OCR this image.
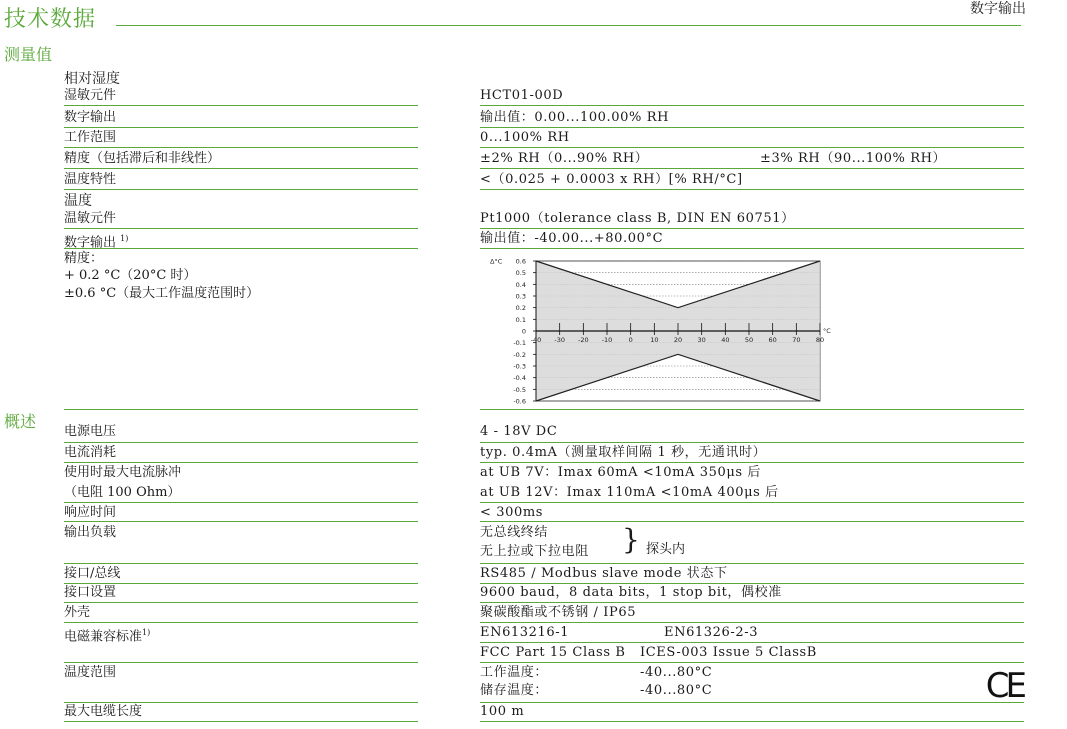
技术数据	数字输出
测量值
相对湿度
湿敏元件	HCT01-00D
数字输出	输出值：0.00...100.00% RH
工作范围	0...100% RH
精度（包括滞后和非线性）	±2% RH（0...90% RH）	±3% RH（90...100% RH）
温度特性	<（0.025 + 0.0003 x RH）[% RH/°C]
温度
温敏元件	Pt1000（tolerance class B, DIN EN 60751）
数字输出 $^{1)}$	输出值：-40.00...+80.00°C
精度：
+ 0.2 °C（20°C 时）
±0.6 °C（最大工作温度范围时）
0.6
0.5
0.4
0.3
0.2
0.1
0
-0.1
-0.2
-0.3
-0.4
-0.5
-0.6
-40 -30 -20 -10	0	10 20 30 40 50 60 70 80
Δ°C
°C
概述
电源电压	4 - 18V DC
电流消耗	typ. 0.4mA（测量取样间隔 1 秒，无通讯时）
使用时最大电流脉冲	at UB 7V：Imax 60mA <10mA 350μs 后
（电阻 100 Ohm）	at UB 12V：Imax 110mA <10mA 400μs 后
响应时间	< 300ms
输出负载	无总线终结
无上拉或下拉电阻 } 探头内
接口/总线	RS485 / Modbus slave mode 状态下
接口设置	9600 baud，8 data bits，1 stop bit，偶校准
外壳	聚碳酸酯或不锈钢 / IP65
电磁兼容标准$^{1)}$	EN613216-1	EN61326-2-3
FCC Part 15 Class B ICES-003 Issue 5 ClassB
温度范围	工作温度：	-40...80°C
储存温度：	-40...80°C
最大电缆长度	100 m
CE
